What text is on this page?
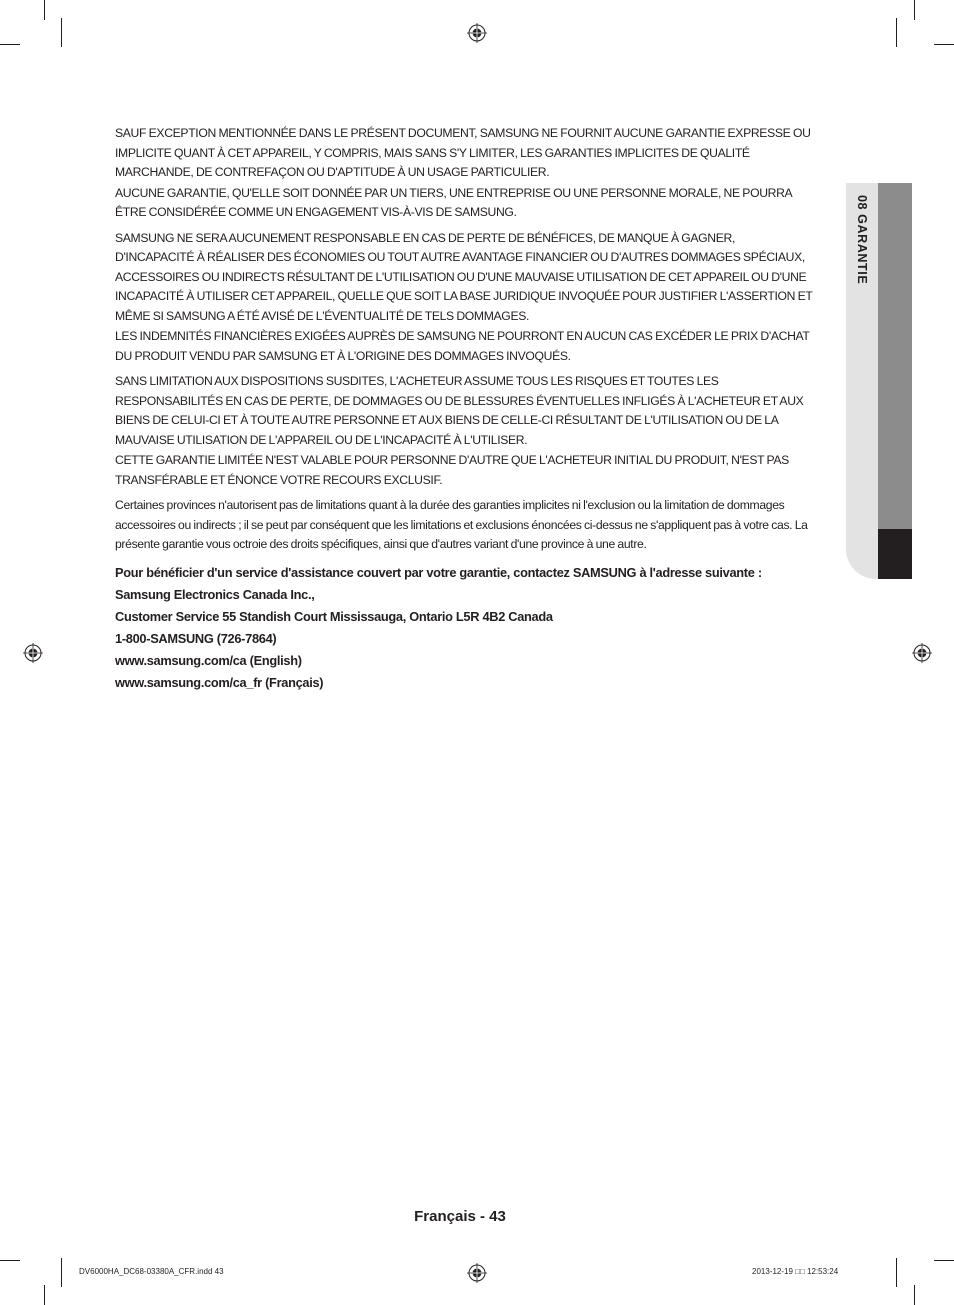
08 GARANTIE

SAUF EXCEPTION MENTIONNÉE DANS LE PRÉSENT DOCUMENT, SAMSUNG NE FOURNIT AUCUNE GARANTIE EXPRESSE OU IMPLICITE QUANT À CET APPAREIL, Y COMPRIS, MAIS SANS S'Y LIMITER, LES GARANTIES IMPLICITES DE QUALITÉ MARCHANDE, DE CONTREFAÇON OU D'APTITUDE À UN USAGE PARTICULIER.

AUCUNE GARANTIE, QU'ELLE SOIT DONNÉE PAR UN TIERS, UNE ENTREPRISE OU UNE PERSONNE MORALE, NE POURRA ÊTRE CONSIDÉRÉE COMME UN ENGAGEMENT VIS-À-VIS DE SAMSUNG.

SAMSUNG NE SERA AUCUNEMENT RESPONSABLE EN CAS DE PERTE DE BÉNÉFICES, DE MANQUE À GAGNER, D'INCAPACITÉ À RÉALISER DES ÉCONOMIES OU TOUT AUTRE AVANTAGE FINANCIER OU D'AUTRES DOMMAGES SPÉCIAUX, ACCESSOIRES OU INDIRECTS RÉSULTANT DE L'UTILISATION OU D'UNE MAUVAISE UTILISATION DE CET APPAREIL OU D'UNE INCAPACITÉ À UTILISER CET APPAREIL, QUELLE QUE SOIT LA BASE JURIDIQUE INVOQUÉE POUR JUSTIFIER L'ASSERTION ET MÊME SI SAMSUNG A ÉTÉ AVISÉ DE L'ÉVENTUALITÉ DE TELS DOMMAGES.

LES INDEMNITÉS FINANCIÈRES EXIGÉES AUPRÈS DE SAMSUNG NE POURRONT EN AUCUN CAS EXCÉDER LE PRIX D'ACHAT DU PRODUIT VENDU PAR SAMSUNG ET À L'ORIGINE DES DOMMAGES INVOQUÉS.

SANS LIMITATION AUX DISPOSITIONS SUSDITES, L'ACHETEUR ASSUME TOUS LES RISQUES ET TOUTES LES RESPONSABILITÉS EN CAS DE PERTE, DE DOMMAGES OU DE BLESSURES ÉVENTUELLES INFLIGÉS À L'ACHETEUR ET AUX BIENS DE CELUI-CI ET À TOUTE AUTRE PERSONNE ET AUX BIENS DE CELLE-CI RÉSULTANT DE L'UTILISATION OU DE LA MAUVAISE UTILISATION DE L'APPAREIL OU DE L'INCAPACITÉ À L'UTILISER.

CETTE GARANTIE LIMITÉE N'EST VALABLE POUR PERSONNE D'AUTRE QUE L'ACHETEUR INITIAL DU PRODUIT, N'EST PAS TRANSFÉRABLE ET ÉNONCE VOTRE RECOURS EXCLUSIF.

Certaines provinces n'autorisent pas de limitations quant à la durée des garanties implicites ni l'exclusion ou la limitation de dommages accessoires ou indirects ; il se peut par conséquent que les limitations et exclusions énoncées ci-dessus ne s'appliquent pas à votre cas. La présente garantie vous octroie des droits spécifiques, ainsi que d'autres variant d'une province à une autre.

Pour bénéficier d'un service d'assistance couvert par votre garantie, contactez SAMSUNG à l'adresse suivante :

Samsung Electronics Canada Inc.,

Customer Service 55 Standish Court Mississauga, Ontario L5R 4B2 Canada

1-800-SAMSUNG (726-7864)

www.samsung.com/ca (English)

www.samsung.com/ca_fr (Français)

Français - 43
DV6000HA_DC68-03380A_CFR.indd 43	2013-12-19 □□ 12:53:24
